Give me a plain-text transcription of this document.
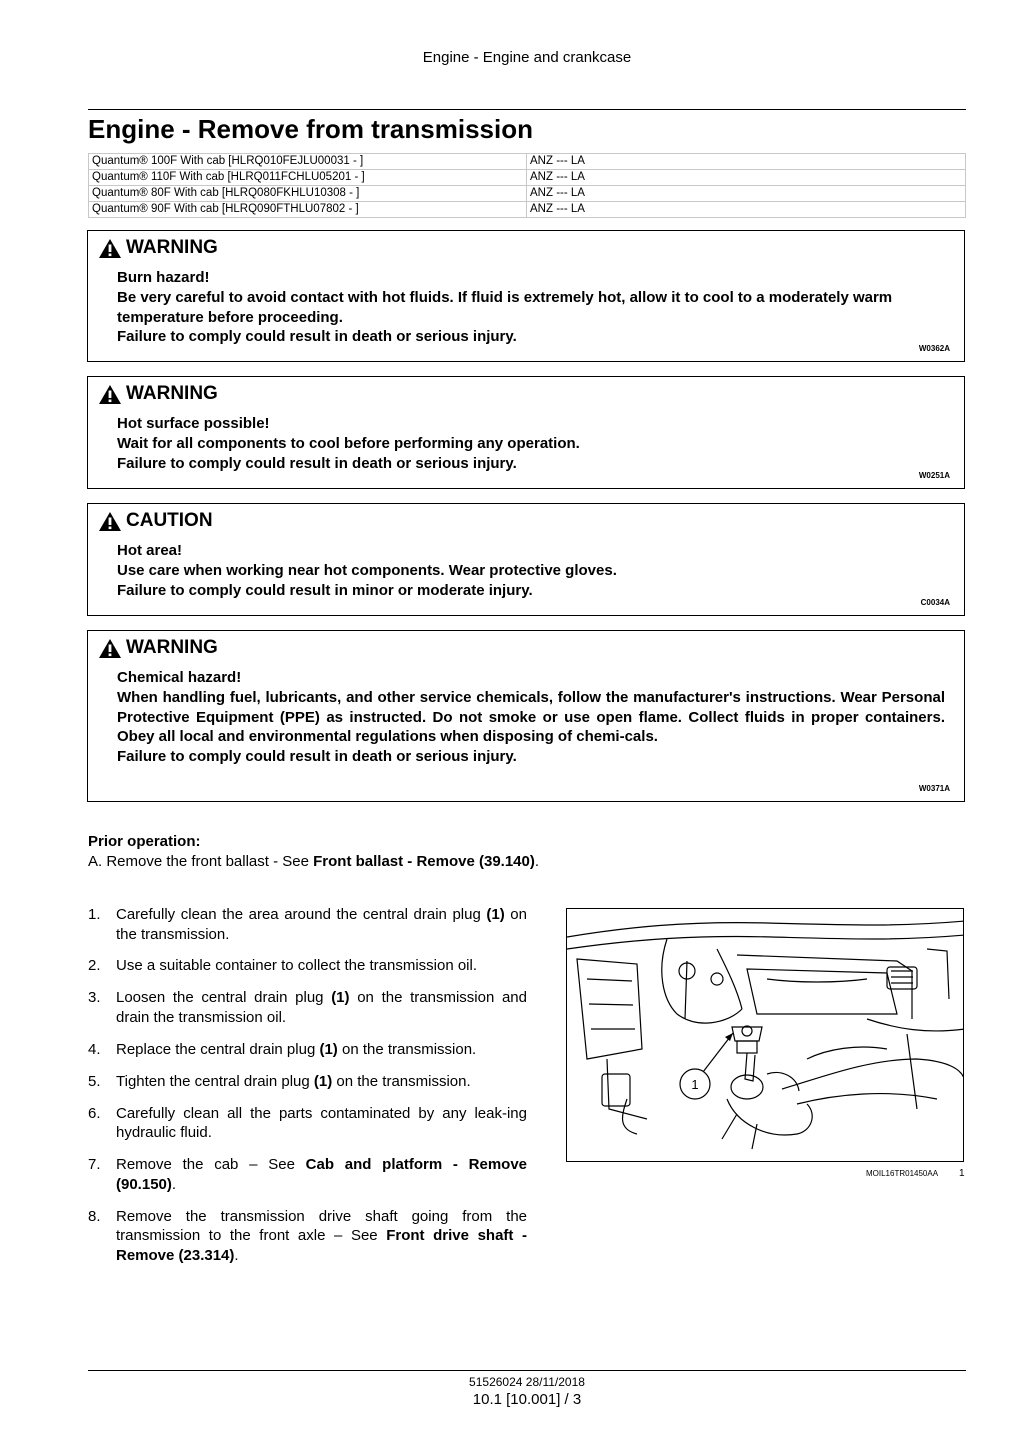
Engine - Engine and crankcase
Engine - Remove from transmission
Quantum® 100F With cab [HLRQ010FEJLU00031 - ]	ANZ --- LA
Quantum® 110F With cab [HLRQ011FCHLU05201 - ]	ANZ --- LA
Quantum® 80F With cab [HLRQ080FKHLU10308 - ]	ANZ --- LA
Quantum® 90F With cab [HLRQ090FTHLU07802 - ]	ANZ --- LA
WARNING

Burn hazard!

Be very careful to avoid contact with hot fluids. If fluid is extremely hot, allow it to cool to a moderately warm temperature before proceeding.

Failure to comply could result in death or serious injury.

W0362A
WARNING

Hot surface possible!

Wait for all components to cool before performing any operation.

Failure to comply could result in death or serious injury.

W0251A
CAUTION

Hot area!

Use care when working near hot components. Wear protective gloves.

Failure to comply could result in minor or moderate injury.

C0034A
WARNING

Chemical hazard!

When handling fuel, lubricants, and other service chemicals, follow the manufacturer's instructions. Wear Personal Protective Equipment (PPE) as instructed. Do not smoke or use open flame. Collect fluids in proper containers. Obey all local and environmental regulations when disposing of chemi-cals.

Failure to comply could result in death or serious injury.

W0371A
Prior operation:
A. Remove the front ballast - See Front ballast - Remove (39.140).
1. Carefully clean the area around the central drain plug (1) on the transmission.
2. Use a suitable container to collect the transmission oil.
3. Loosen the central drain plug (1) on the transmission and drain the transmission oil.
4. Replace the central drain plug (1) on the transmission.
5. Tighten the central drain plug (1) on the transmission.
6. Carefully clean all the parts contaminated by any leak-ing hydraulic fluid.
7. Remove the cab – See Cab and platform - Remove (90.150).
8. Remove the transmission drive shaft going from the transmission to the front axle – See Front drive shaft - Remove (23.314).
1
MOIL16TR01450AA 1
51526024 28/11/2018
10.1 [10.001] / 3
